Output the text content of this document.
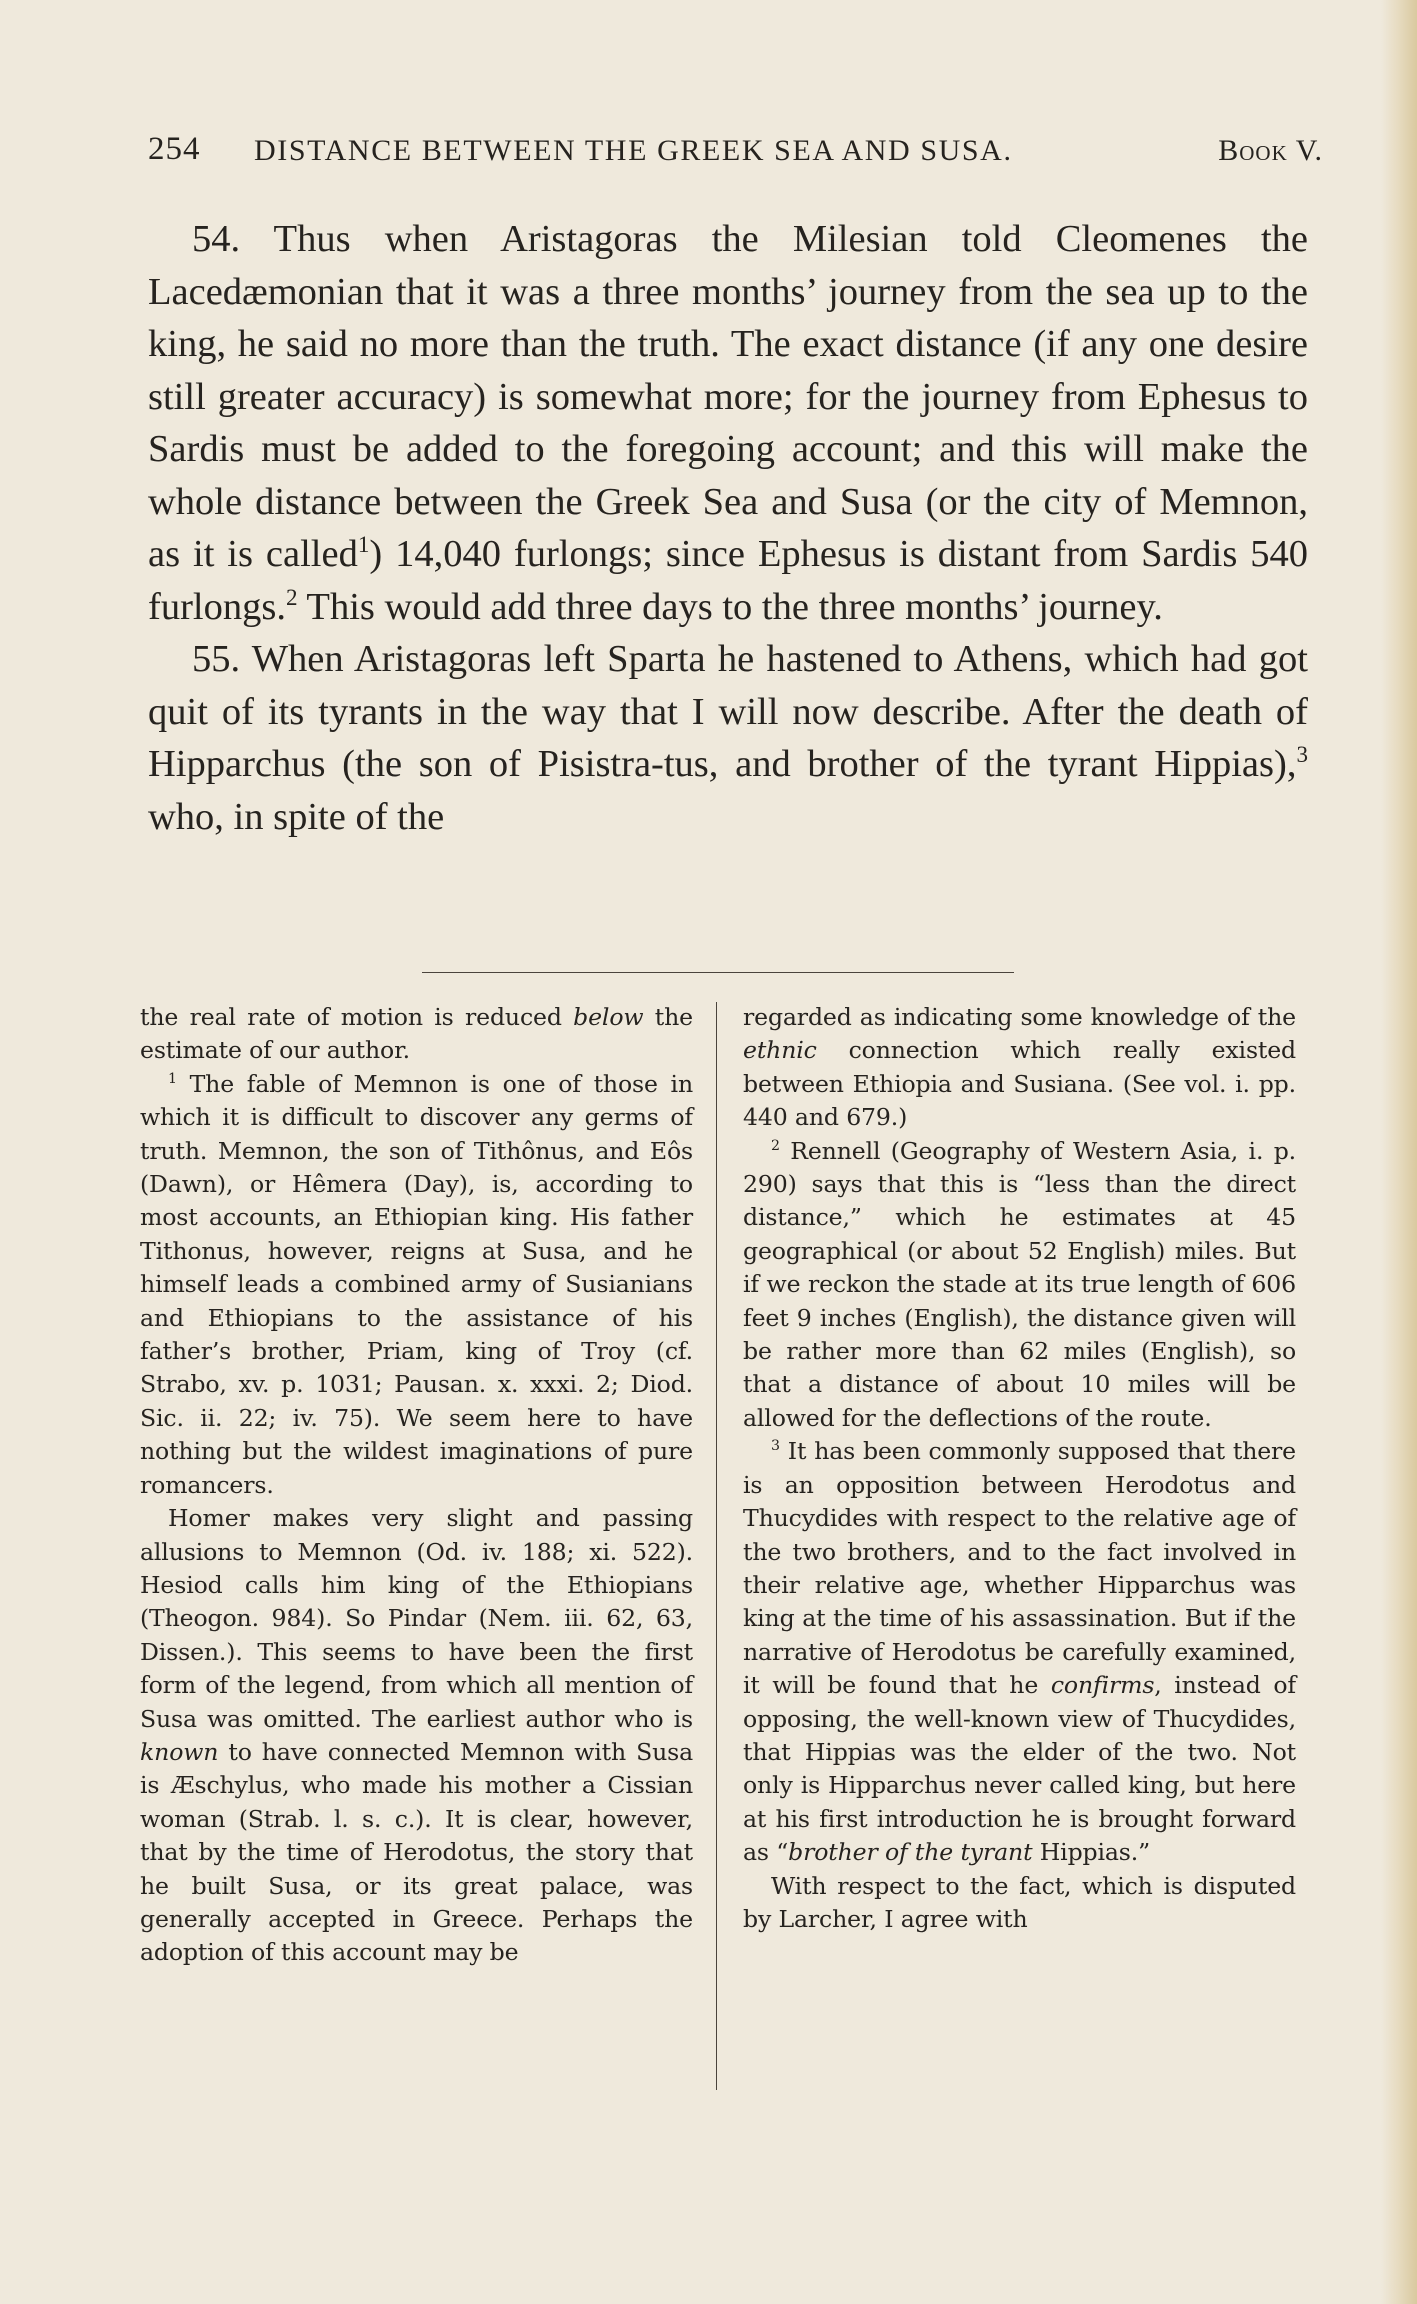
254 DISTANCE BETWEEN THE GREEK SEA AND SUSA.	Book V.

54. Thus when Aristagoras the Milesian told Cleomenes the Lacedæmonian that it was a three months’ journey from the sea up to the king, he said no more than the truth. The exact distance (if any one desire still greater accuracy) is somewhat more; for the journey from Ephesus to Sardis must be added to the foregoing account; and this will make the whole distance between the Greek Sea and Susa (or the city of Memnon, as it is called$^1$) 14,040 furlongs; since Ephesus is distant from Sardis 540 furlongs.$^2$ This would add three days to the three months’ journey.

55. When Aristagoras left Sparta he hastened to Athens, which had got quit of its tyrants in the way that I will now describe. After the death of Hipparchus (the son of Pisistra-tus, and brother of the tyrant Hippias),$^3$ who, in spite of the

the real rate of motion is reduced below the estimate of our author.

$^1$ The fable of Memnon is one of those in which it is difficult to discover any germs of truth. Memnon, the son of Tithônus, and Eôs (Dawn), or Hêmera (Day), is, according to most accounts, an Ethiopian king. His father Tithonus, however, reigns at Susa, and he himself leads a combined army of Susianians and Ethiopians to the assistance of his father’s brother, Priam, king of Troy (cf. Strabo, xv. p. 1031; Pausan. x. xxxi. 2; Diod. Sic. ii. 22; iv. 75). We seem here to have nothing but the wildest imaginations of pure romancers.

Homer makes very slight and passing allusions to Memnon (Od. iv. 188; xi. 522). Hesiod calls him king of the Ethiopians (Theogon. 984). So Pindar (Nem. iii. 62, 63, Dissen.). This seems to have been the first form of the legend, from which all mention of Susa was omitted. The earliest author who is known to have connected Memnon with Susa is Æschylus, who made his mother a Cissian woman (Strab. l. s. c.). It is clear, however, that by the time of Herodotus, the story that he built Susa, or its great palace, was generally accepted in Greece. Perhaps the adoption of this account may be

regarded as indicating some knowledge of the ethnic connection which really existed between Ethiopia and Susiana. (See vol. i. pp. 440 and 679.)

$^2$ Rennell (Geography of Western Asia, i. p. 290) says that this is “less than the direct distance,” which he estimates at 45 geographical (or about 52 English) miles. But if we reckon the stade at its true length of 606 feet 9 inches (English), the distance given will be rather more than 62 miles (English), so that a distance of about 10 miles will be allowed for the deflections of the route.

$^3$ It has been commonly supposed that there is an opposition between Herodotus and Thucydides with respect to the relative age of the two brothers, and to the fact involved in their relative age, whether Hipparchus was king at the time of his assassination. But if the narrative of Herodotus be carefully examined, it will be found that he confirms, instead of opposing, the well-known view of Thucydides, that Hippias was the elder of the two. Not only is Hipparchus never called king, but here at his first introduction he is brought forward as “brother of the tyrant Hippias.”

With respect to the fact, which is disputed by Larcher, I agree with
